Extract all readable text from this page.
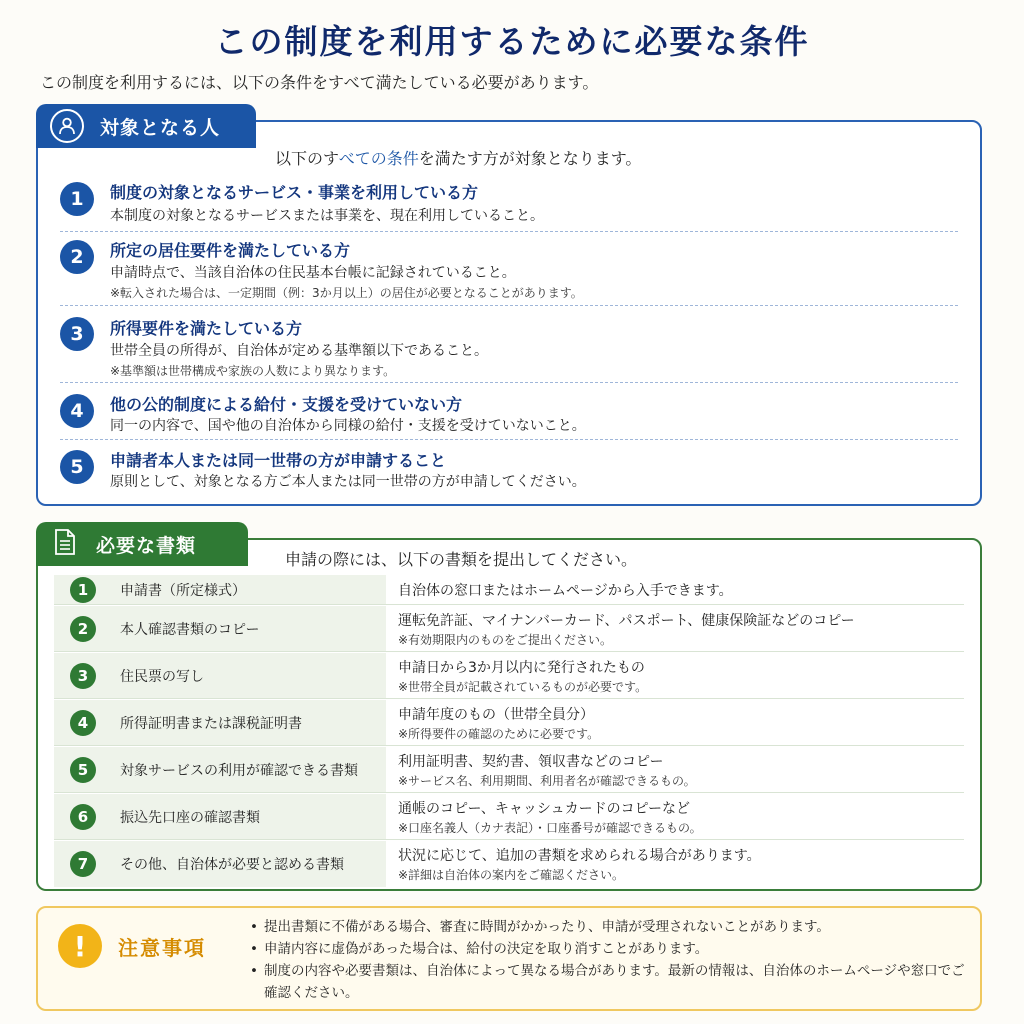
この制度を利用するために必要な条件
この制度を利用するには、以下の条件をすべて満たしている必要があります。
対象となる人
以下のすべての条件を満たす方が対象となります。
1	制度の対象となるサービス・事業を利用している方
本制度の対象となるサービスまたは事業を、現在利用していること。
2	所定の居住要件を満たしている方
申請時点で、当該自治体の住民基本台帳に記録されていること。
※転入された場合は、一定期間（例：3か月以上）の居住が必要となることがあります。
3	所得要件を満たしている方
世帯全員の所得が、自治体が定める基準額以下であること。
※基準額は世帯構成や家族の人数により異なります。
4	他の公的制度による給付・支援を受けていない方
同一の内容で、国や他の自治体から同様の給付・支援を受けていないこと。
5	申請者本人または同一世帯の方が申請すること
原則として、対象となる方ご本人または同一世帯の方が申請してください。
必要な書類
申請の際には、以下の書類を提出してください。
1	申請書（所定様式）	自治体の窓口またはホームページから入手できます。
2	本人確認書類のコピー
運転免許証、マイナンバーカード、パスポート、健康保険証などのコピー
※有効期限内のものをご提出ください。
3	住民票の写し
申請日から3か月以内に発行されたもの
※世帯全員が記載されているものが必要です。
4	所得証明書または課税証明書
申請年度のもの（世帯全員分）
※所得要件の確認のために必要です。
5	対象サービスの利用が確認できる書類
利用証明書、契約書、領収書などのコピー
※サービス名、利用期間、利用者名が確認できるもの。
6	振込先口座の確認書類
通帳のコピー、キャッシュカードのコピーなど
※口座名義人（カナ表記）・口座番号が確認できるもの。
7	その他、自治体が必要と認める書類
状況に応じて、追加の書類を求められる場合があります。
※詳細は自治体の案内をご確認ください。
!	注意事項
• 提出書類に不備がある場合、審査に時間がかかったり、申請が受理されないことがあります。
• 申請内容に虚偽があった場合は、給付の決定を取り消すことがあります。
• 制度の内容や必要書類は、自治体によって異なる場合があります。最新の情報は、自治体のホームページや窓口でご確認ください。
